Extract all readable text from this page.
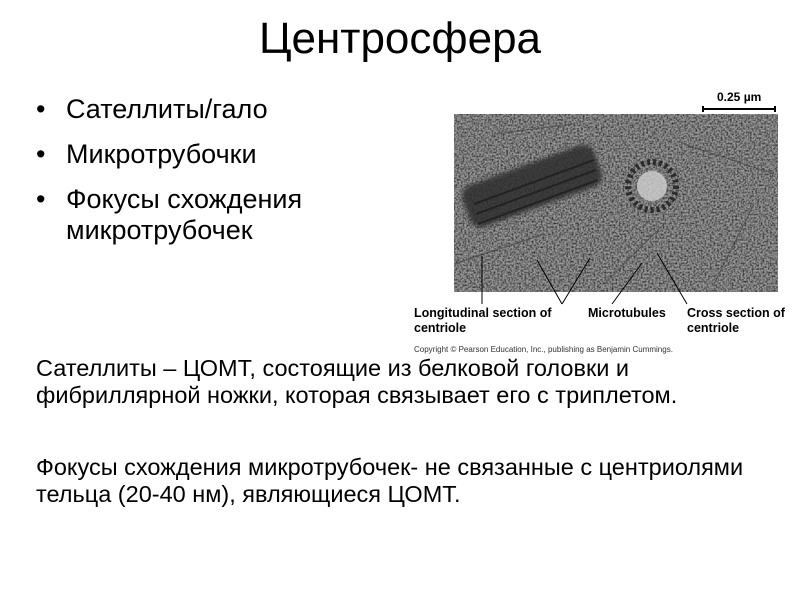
Центросфера
• Сателлиты/гало
• Микротрубочки
• Фокусы схождения микротрубочек
0.25 µm
Longitudinal section of centriole
Microtubules Cross section of centriole
Copyright © Pearson Education, Inc., publishing as Benjamin Cummings.

Сателлиты – ЦОМТ, состоящие из белковой головки и фибриллярной ножки, которая связывает его с триплетом.

Фокусы схождения микротрубочек- не связанные с центриолями тельца (20-40 нм), являющиеся ЦОМТ.
